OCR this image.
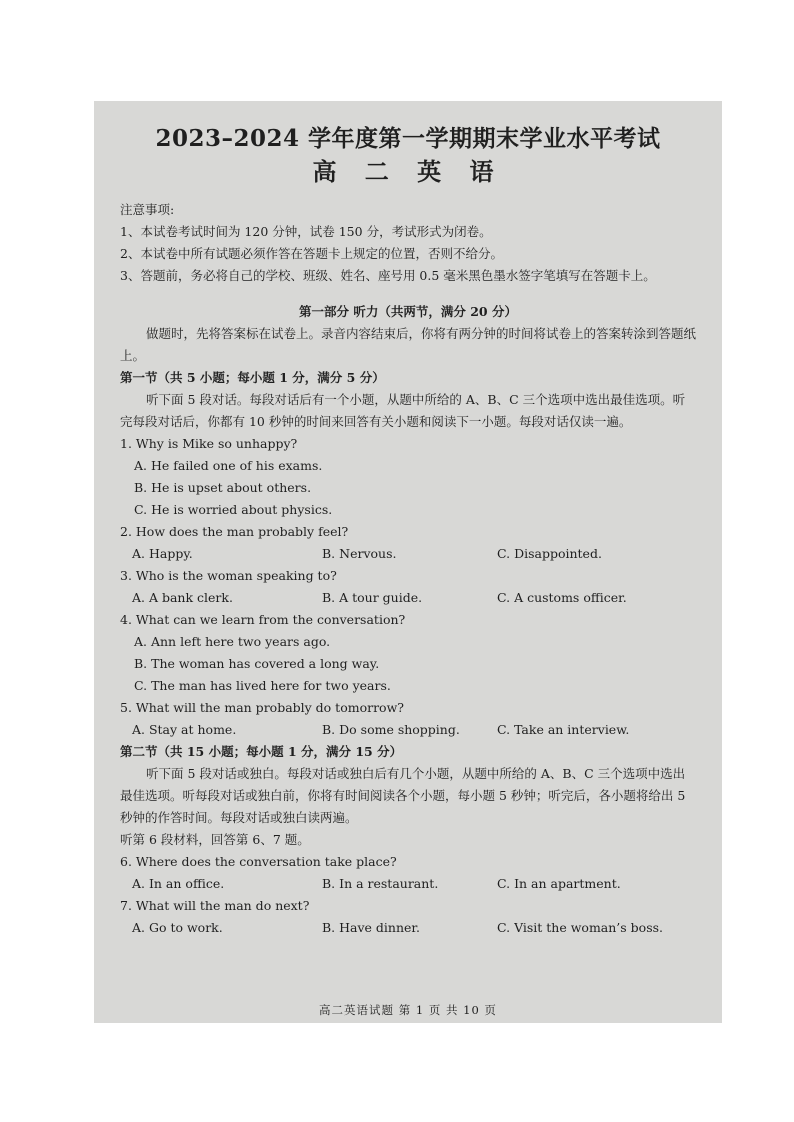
2023–2024 学年度第一学期期末学业水平考试
高 二 英 语

注意事项:

1、本试卷考试时间为 120 分钟，试卷 150 分，考试形式为闭卷。

2、本试卷中所有试题必须作答在答题卡上规定的位置，否则不给分。

3、答题前，务必将自己的学校、班级、姓名、座号用 0.5 毫米黑色墨水签字笔填写在答题卡上。

第一部分 听力（共两节，满分 20 分）

做题时，先将答案标在试卷上。录音内容结束后，你将有两分钟的时间将试卷上的答案转涂到答题纸上。

第一节（共 5 小题；每小题 1 分，满分 5 分）

听下面 5 段对话。每段对话后有一个小题，从题中所给的 A、B、C 三个选项中选出最佳选项。听完每段对话后，你都有 10 秒钟的时间来回答有关小题和阅读下一小题。每段对话仅读一遍。

1. Why is Mike so unhappy?

A. He failed one of his exams.

B. He is upset about others.

C. He is worried about physics.

2. How does the man probably feel?

A. Happy.	B. Nervous.	C. Disappointed.

3. Who is the woman speaking to?

A. A bank clerk.	B. A tour guide.	C. A customs officer.

4. What can we learn from the conversation?

A. Ann left here two years ago.

B. The woman has covered a long way.

C. The man has lived here for two years.

5. What will the man probably do tomorrow?

A. Stay at home.	B. Do some shopping.	C. Take an interview.

第二节（共 15 小题；每小题 1 分，满分 15 分）

听下面 5 段对话或独白。每段对话或独白后有几个小题，从题中所给的 A、B、C 三个选项中选出最佳选项。听每段对话或独白前，你将有时间阅读各个小题，每小题 5 秒钟；听完后，各小题将给出 5 秒钟的作答时间。每段对话或独白读两遍。

听第 6 段材料，回答第 6、7 题。

6. Where does the conversation take place?

A. In an office.	B. In a restaurant.	C. In an apartment.

7. What will the man do next?

A. Go to work.	B. Have dinner.	C. Visit the woman’s boss.
高二英语试题 第 1 页 共 10 页
